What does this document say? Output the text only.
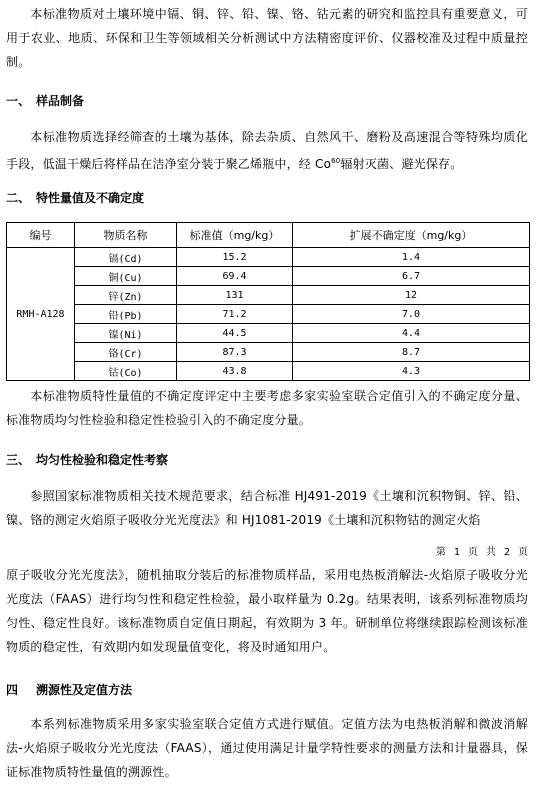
本标准物质对土壤环境中镉、铜、锌、铅、镍、铬、钴元素的研究和监控具有重要意义，可用于农业、地质、环保和卫生等领域相关分析测试中方法精密度评价、仪器校准及过程中质量控制。

一、 样品制备

本标准物质选择经筛查的土壤为基体，除去杂质、自然风干、磨粉及高速混合等特殊均质化手段，低温干燥后将样品在洁净室分装于聚乙烯瓶中，经 Co$^{60}$辐射灭菌、避光保存。

二、 特性量值及不确定度
编号	物质名称	标准值（mg/kg）	扩展不确定度（mg/kg）
RMH-A128	镉(Cd)	15.2	1.4
	铜(Cu)	69.4	6.7
	锌(Zn)	131	12
	铅(Pb)	71.2	7.0
	镍(Ni)	44.5	4.4
	铬(Cr)	87.3	8.7
	钴(Co)	43.8	4.3

本标准物质特性量值的不确定度评定中主要考虑多家实验室联合定值引入的不确定度分量、标准物质均匀性检验和稳定性检验引入的不确定度分量。

三、 均匀性检验和稳定性考察

参照国家标准物质相关技术规范要求，结合标准 HJ491-2019《土壤和沉积物铜、锌、铅、镍、铬的测定火焰原子吸收分光光度法》和 HJ1081-2019《土壤和沉积物钴的测定火焰

第 1 页 共 2 页

原子吸收分光光度法》，随机抽取分装后的标准物质样品，采用电热板消解法-火焰原子吸收分光光度法（FAAS）进行均匀性和稳定性检验，最小取样量为 0.2g。结果表明，该系列标准物质均匀性、稳定性良好。该标准物质自定值日期起，有效期为 3 年。研制单位将继续跟踪检测该标准物质的稳定性，有效期内如发现量值变化，将及时通知用户。

四 溯源性及定值方法

本系列标准物质采用多家实验室联合定值方式进行赋值。定值方法为电热板消解和微波消解法-火焰原子吸收分光光度法（FAAS），通过使用满足计量学特性要求的测量方法和计量器具，保证标准物质特性量值的溯源性。
